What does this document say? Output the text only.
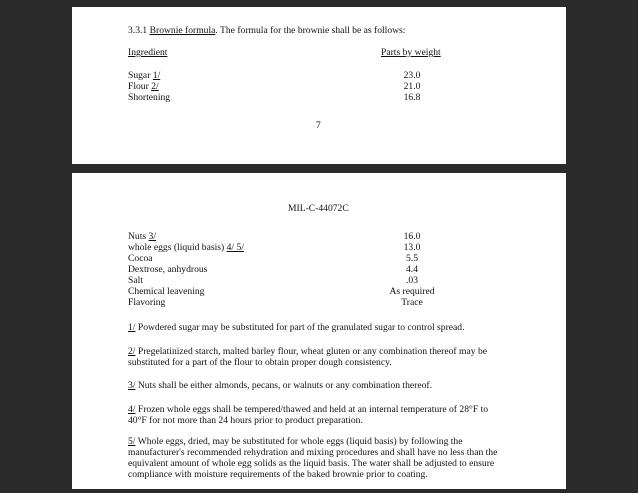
3.3.1 Brownie formula. The formula for the brownie shall be as follows:
Ingredient	Parts by weight
Sugar 1/	23.0
Flour 2/	21.0
Shortening	16.8
7
MIL-C-44072C
Nuts 3/	16.0
whole eggs (liquid basis) 4/ 5/	13.0
Cocoa	5.5
Dextrose, anhydrous	4.4
Salt	.03
Chemical leavening	As required
Flavoring	Trace
1/ Powdered sugar may be substituted for part of the granulated sugar to control spread.
2/ Pregelatinized starch, malted barley flour, wheat gluten or any combination thereof may be substituted for a part of the flour to obtain proper dough consistency.
3/ Nuts shall be either almonds, pecans, or walnuts or any combination thereof.
4/ Frozen whole eggs shall be tempered/thawed and held at an internal temperature of 28°F to 40°F for not more than 24 hours prior to product preparation.
5/ Whole eggs, dried, may be substituted for whole eggs (liquid basis) by following the manufacturer's recommended rehydration and mixing procedures and shall have no less than the equivalent amount of whole egg solids as the liquid basis. The water shall be adjusted to ensure compliance with moisture requirements of the baked brownie prior to coating.
